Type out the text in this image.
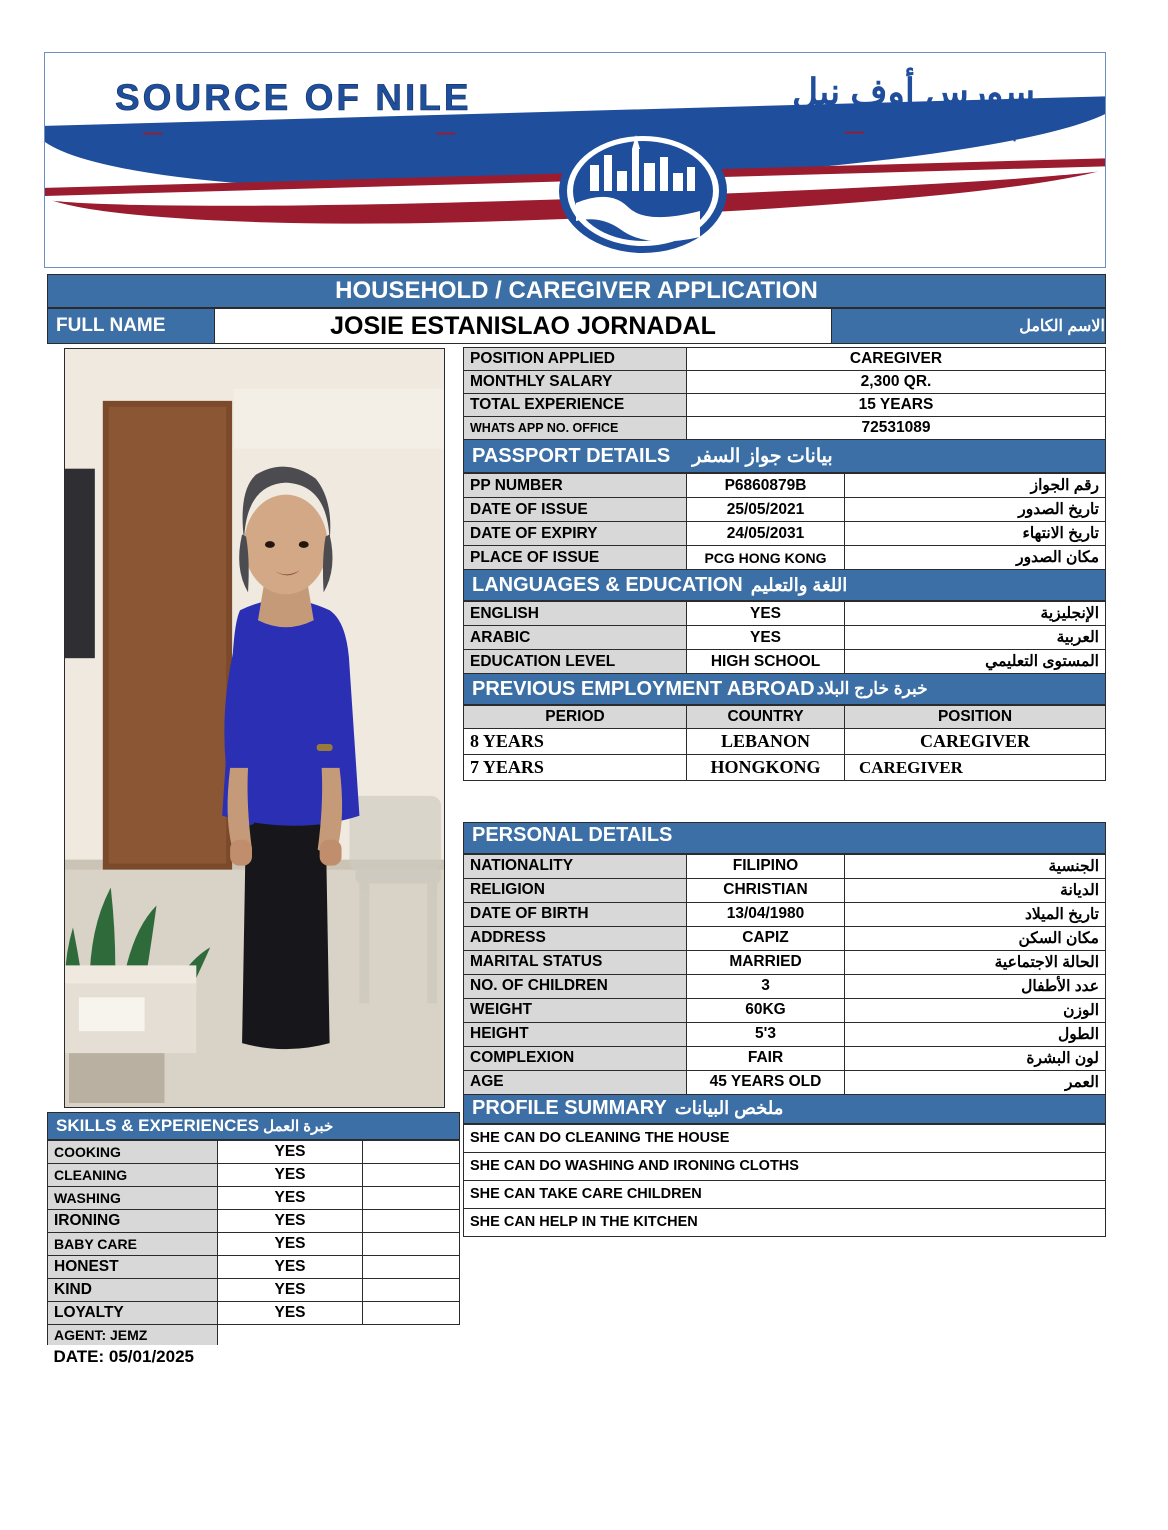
SOURCE OF NILE
— MANPOWER AGENCY —
سورس أوف نيل
لجلب الأيدي العاملة  —
HOUSEHOLD / CAREGIVER APPLICATION
FULL NAME	JOSIE ESTANISLAO JORNADAL	الاسم الكامل
POSITION APPLIED	CAREGIVER
MONTHLY SALARY	2,300 QR.
TOTAL EXPERIENCE	15 YEARS
WHATS APP NO. OFFICE	72531089
PASSPORT DETAILS بيانات جواز السفر
PP NUMBER	P6860879B	رقم الجواز
DATE OF ISSUE	25/05/2021	تاريخ الصدور
DATE OF EXPIRY	24/05/2031	تاريخ الانتهاء
PLACE OF ISSUE	PCG HONG KONG	مكان الصدور
LANGUAGES & EDUCATION اللغة والتعليم
ENGLISH	YES	الإنجليزية
ARABIC	YES	العربية
EDUCATION LEVEL	HIGH SCHOOL	المستوى التعليمي
PREVIOUS EMPLOYMENT ABROAD خبرة خارج البلاد
PERIOD	COUNTRY	POSITION
8 YEARS	LEBANON	CAREGIVER
7 YEARS	HONGKONG	CAREGIVER

PERSONAL DETAILS
NATIONALITY	FILIPINO	الجنسية
RELIGION	CHRISTIAN	الديانة
DATE OF BIRTH	13/04/1980	تاريخ الميلاد
ADDRESS	CAPIZ	مكان السكن
MARITAL STATUS	MARRIED	الحالة الاجتماعية
NO. OF CHILDREN	3	عدد الأطفال
WEIGHT	60KG	الوزن
HEIGHT	5'3	الطول
COMPLEXION	FAIR	لون البشرة
AGE	45 YEARS OLD	العمر
PROFILE SUMMARY ملخص البيانات
SHE CAN DO CLEANING THE HOUSE
SHE CAN DO WASHING AND IRONING CLOTHS
SHE CAN TAKE CARE CHILDREN
SHE CAN HELP IN THE KITCHEN
SKILLS & EXPERIENCES خبرة العمل
COOKING	YES	
CLEANING	YES	
WASHING	YES	
IRONING	YES	
BABY CARE	YES	
HONEST	YES	
KIND	YES	
LOYALTY	YES	
AGENT: JEMZ		
DATE: 05/01/2025		
